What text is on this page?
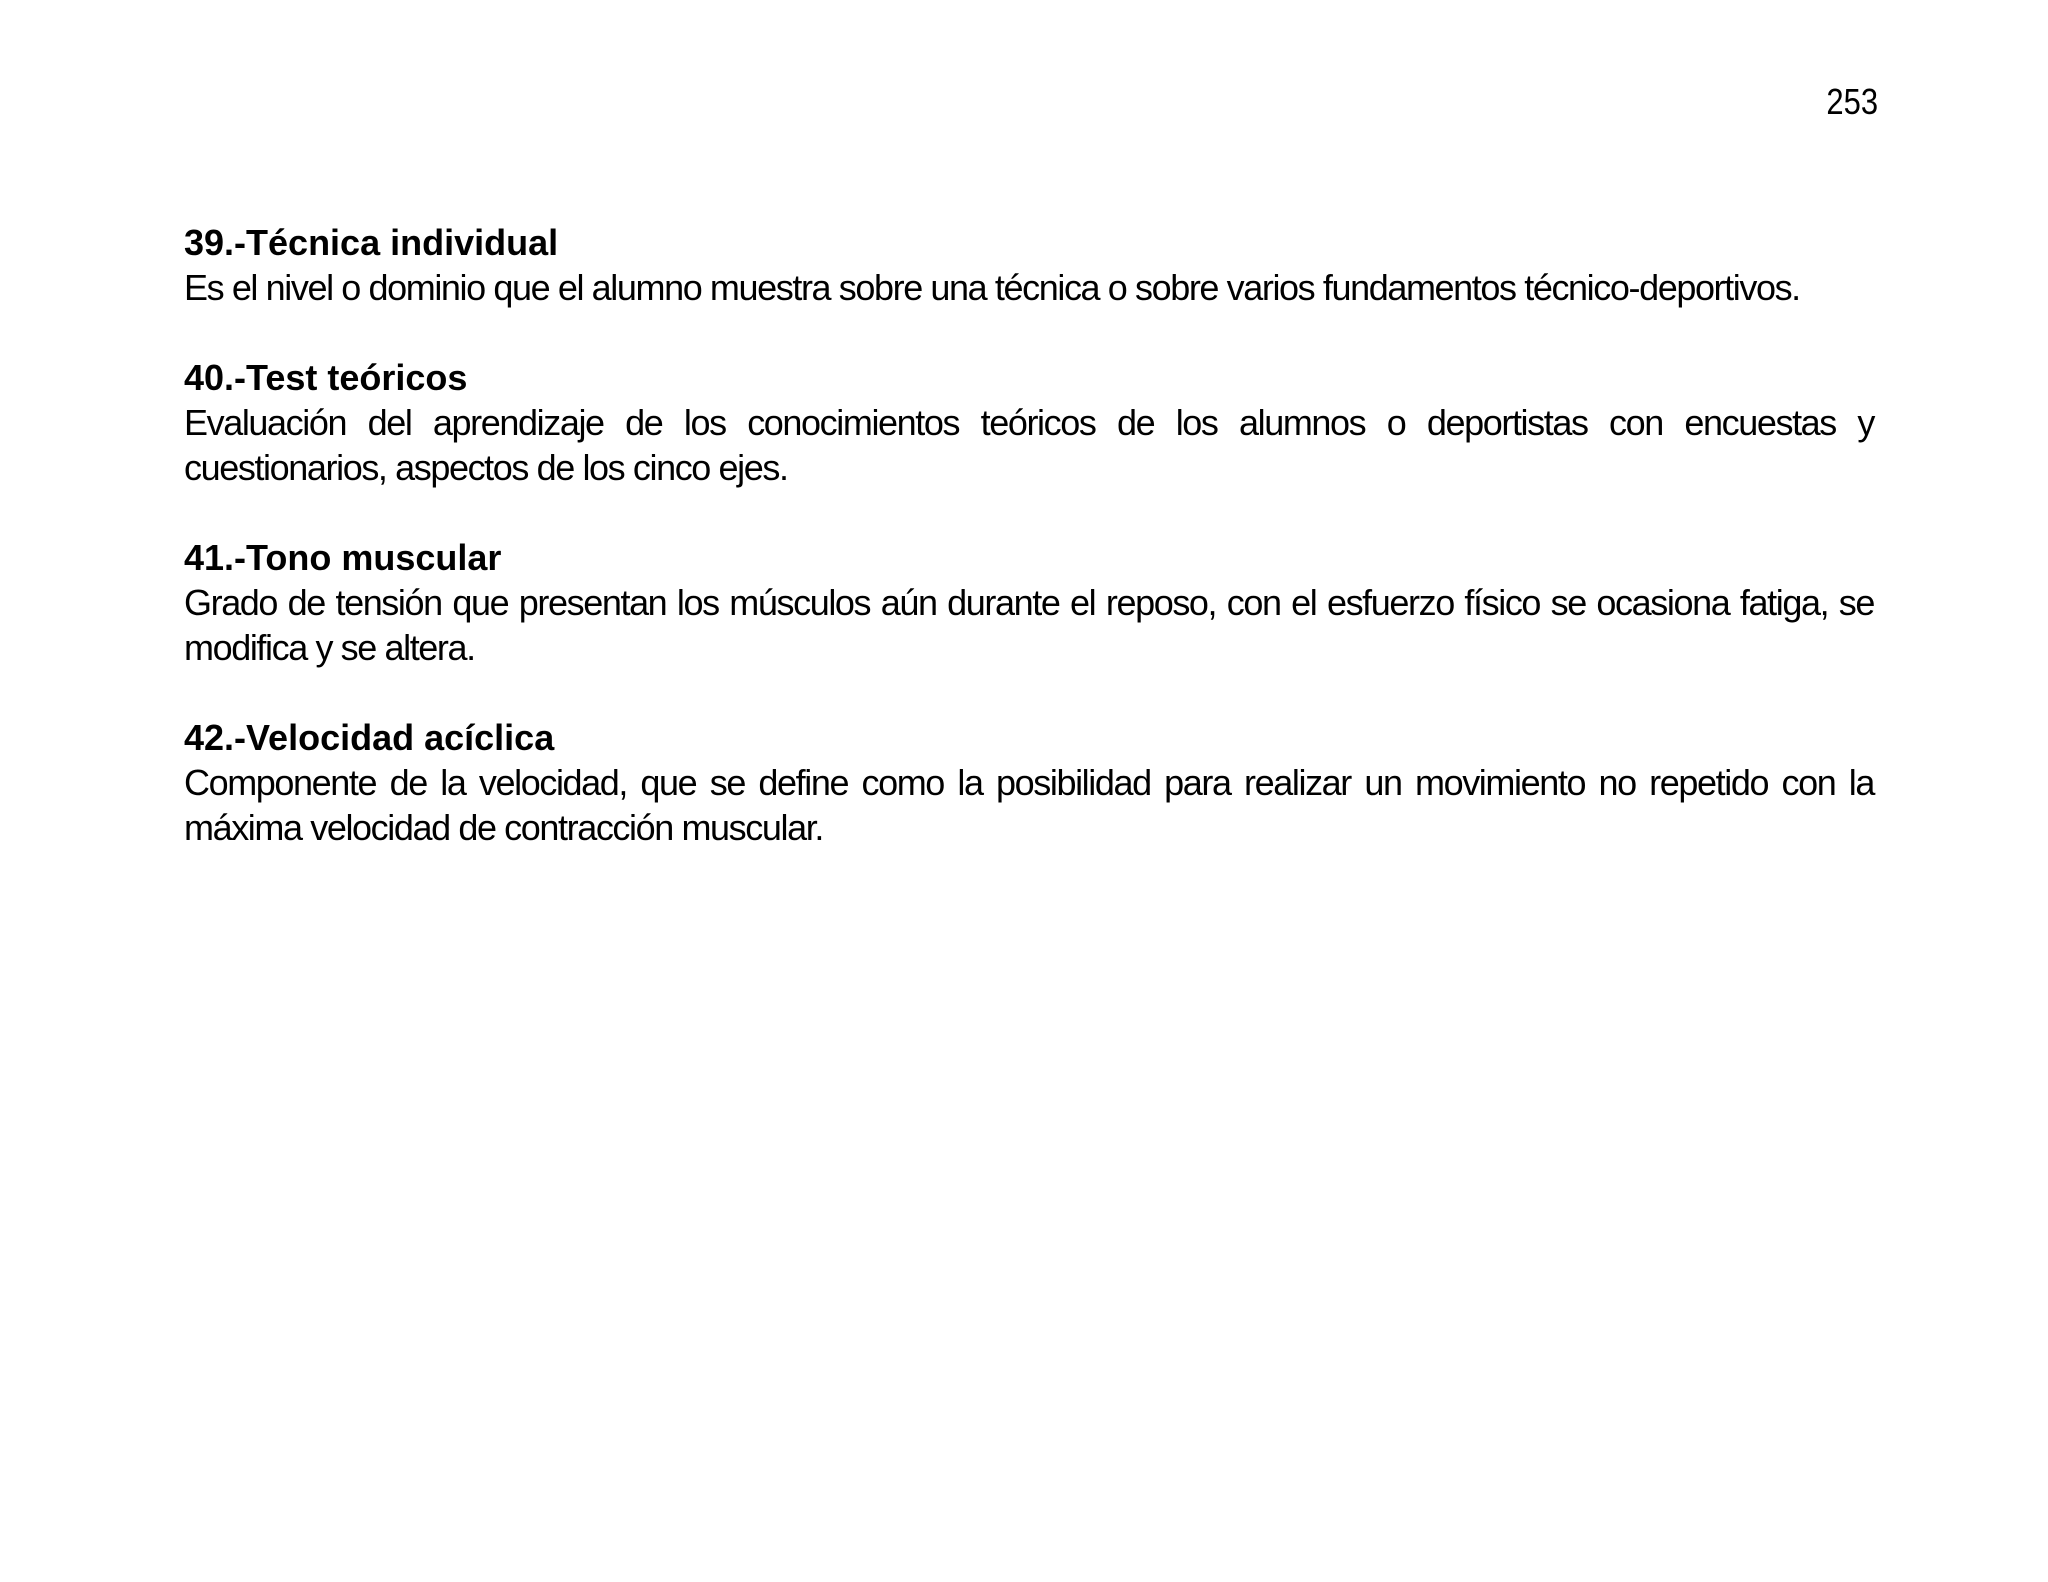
253

39.-Técnica individual

Es el nivel o dominio que el alumno muestra sobre una técnica o sobre varios fundamentos técnico-deportivos.

40.-Test teóricos

Evaluación del aprendizaje de los conocimientos teóricos de los alumnos o deportistas con encuestas y cuestionarios, aspectos de los cinco ejes.

41.-Tono muscular

Grado de tensión que presentan los músculos aún durante el reposo, con el esfuerzo físico se ocasiona fatiga, se modifica y se altera.

42.-Velocidad acíclica

Componente de la velocidad, que se define como la posibilidad para realizar un movimiento no repetido con la máxima velocidad de contracción muscular.
